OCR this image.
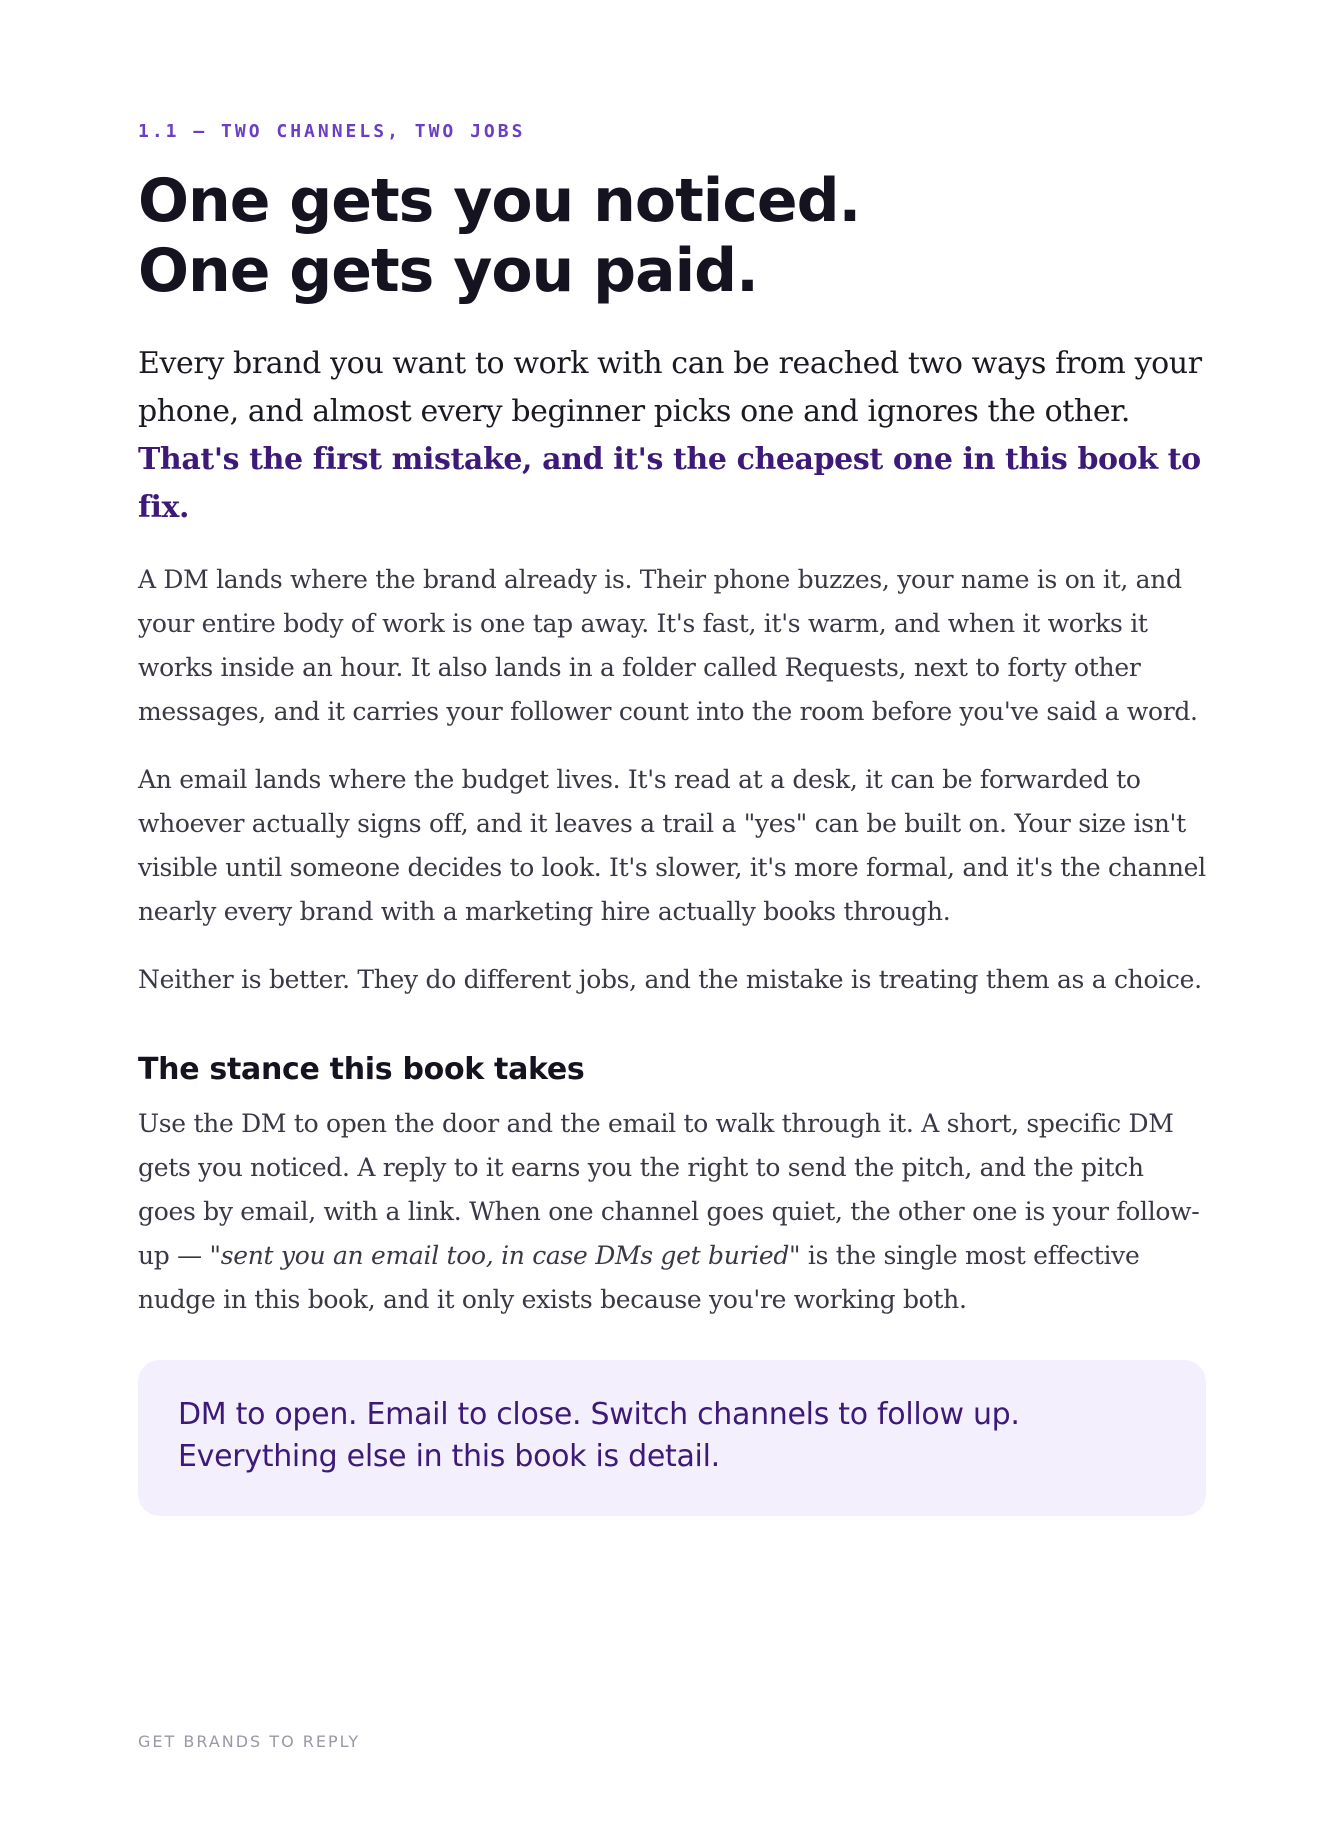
1.1 — TWO CHANNELS, TWO JOBS
One gets you noticed.
One gets you paid.

Every brand you want to work with can be reached two ways from your phone, and almost every beginner picks one and ignores the other. That's the first mistake, and it's the cheapest one in this book to fix.

A DM lands where the brand already is. Their phone buzzes, your name is on it, and your entire body of work is one tap away. It's fast, it's warm, and when it works it works inside an hour. It also lands in a folder called Requests, next to forty other messages, and it carries your follower count into the room before you've said a word.

An email lands where the budget lives. It's read at a desk, it can be forwarded to whoever actually signs off, and it leaves a trail a "yes" can be built on. Your size isn't visible until someone decides to look. It's slower, it's more formal, and it's the channel nearly every brand with a marketing hire actually books through.

Neither is better. They do different jobs, and the mistake is treating them as a choice.

The stance this book takes

Use the DM to open the door and the email to walk through it. A short, specific DM gets you noticed. A reply to it earns you the right to send the pitch, and the pitch goes by email, with a link. When one channel goes quiet, the other one is your follow-up — "sent you an email too, in case DMs get buried" is the single most effective nudge in this book, and it only exists because you're working both.

DM to open. Email to close. Switch channels to follow up.
Everything else in this book is detail.

GET BRANDS TO REPLY
